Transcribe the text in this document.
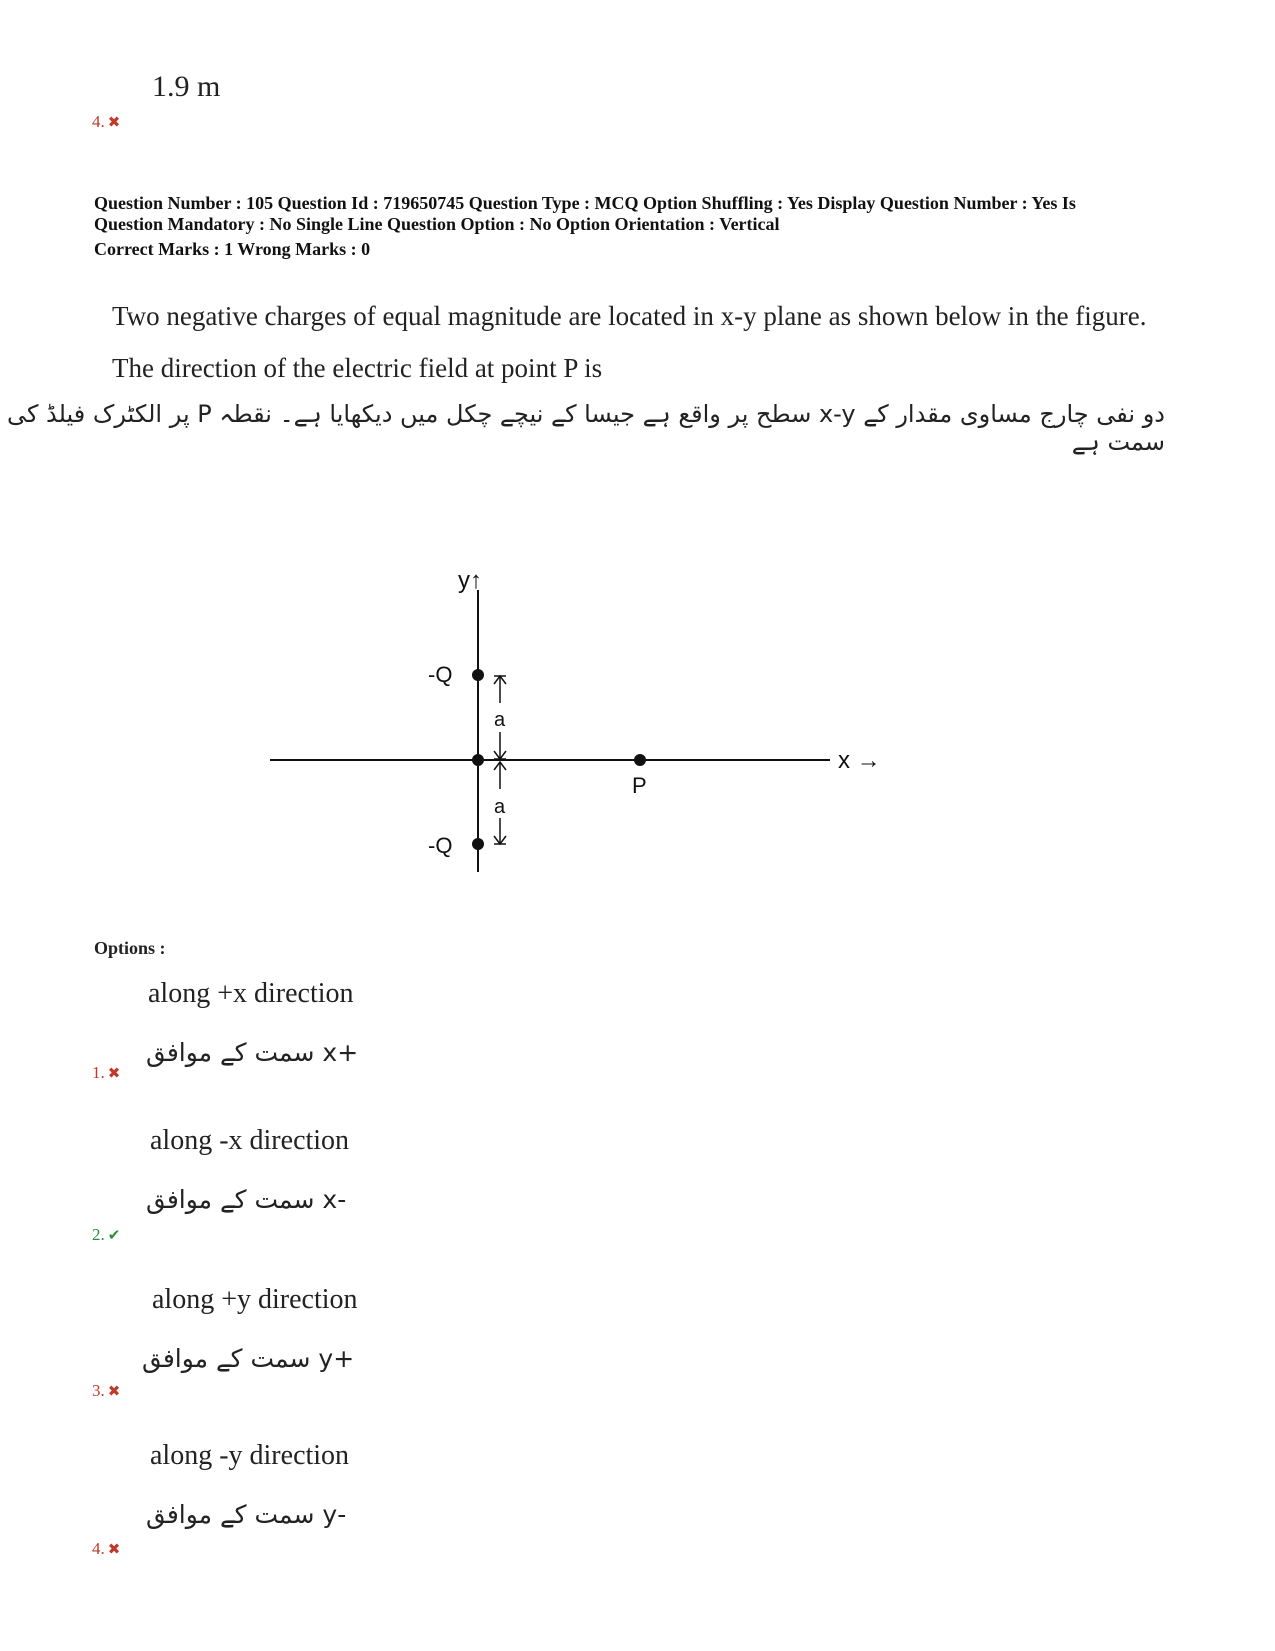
1.9 m
4. ✖
Question Number : 105 Question Id : 719650745 Question Type : MCQ Option Shuffling : Yes Display Question Number : Yes Is
Question Mandatory : No Single Line Question Option : No Option Orientation : Vertical
Correct Marks : 1 Wrong Marks : 0
Two negative charges of equal magnitude are located in x-y plane as shown below in the figure. The direction of the electric field at point P is
دو نفی چارج مساوی مقدار کے x-y سطح پر واقع ہے جیسا کے نیچے چکل میں دیکھایا ہے۔ نقطہ P پر الکٹرک فیلڈ کی سمت ہے
y↑
x →
-Q
-Q
P
a
a
Options :
along +x direction
+x سمت کے موافق
1. ✖
along -x direction
-x سمت کے موافق
2. ✔
along +y direction
+y سمت کے موافق
3. ✖
along -y direction
-y سمت کے موافق
4. ✖
